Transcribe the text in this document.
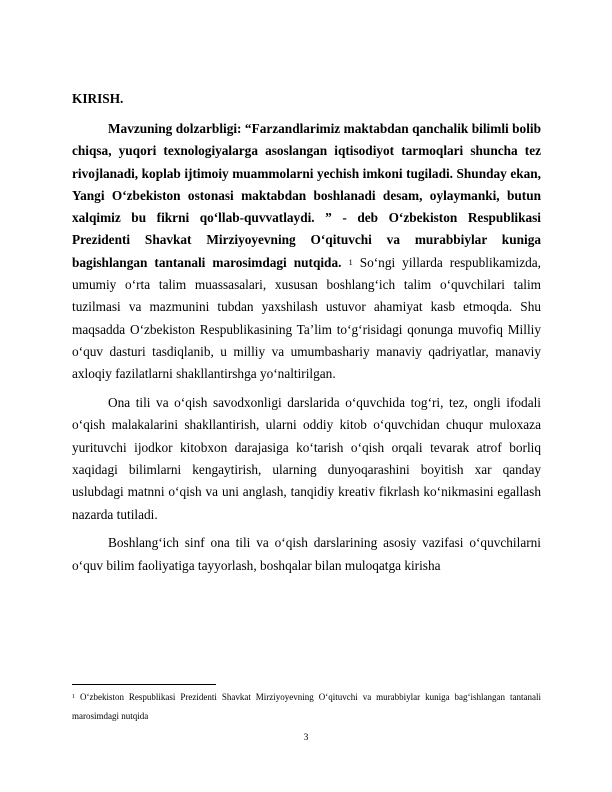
KIRISH.

Mavzuning dolzarbligi: “Farzandlarimiz maktabdan qanchalik bilimli bolib chiqsa, yuqori texnologiyalarga asoslangan iqtisodiyot tarmoqlari shuncha tez rivojlanadi, koplab ijtimoiy muammolarni yechish imkoni tugiladi. Shunday ekan, Yangi O‘zbekiston ostonasi maktabdan boshlanadi desam, oylaymanki, butun xalqimiz bu fikrni qo‘llab-quvvatlaydi. ” - deb O‘zbekiston Respublikasi Prezidenti Shavkat Mirziyoyevning O‘qituvchi va murabbiylar kuniga bagishlangan tantanali marosimdagi nutqida. $^1$ So‘ngi yillarda respublikamizda, umumiy o‘rta talim muassasalari, xususan boshlang‘ich talim o‘quvchilari talim tuzilmasi va mazmunini tubdan yaxshilash ustuvor ahamiyat kasb etmoqda. Shu maqsadda O‘zbekiston Respublikasining Ta’lim to‘g‘risidagi qonunga muvofiq Milliy o‘quv dasturi tasdiqlanib, u milliy va umumbashariy manaviy qadriyatlar, manaviy axloqiy fazilatlarni shakllantirshga yo‘naltirilgan.

Ona tili va o‘qish savodxonligi darslarida o‘quvchida tog‘ri, tez, ongli ifodali o‘qish malakalarini shakllantirish, ularni oddiy kitob o‘quvchidan chuqur muloxaza yurituvchi ijodkor kitobxon darajasiga ko‘tarish o‘qish orqali tevarak atrof borliq xaqidagi bilimlarni kengaytirish, ularning dunyoqarashini boyitish xar qanday uslubdagi matnni o‘qish va uni anglash, tanqidiy kreativ fikrlash ko‘nikmasini egallash nazarda tutiladi.

Boshlang‘ich sinf ona tili va o‘qish darslarining asosiy vazifasi o‘quvchilarni o‘quv bilim faoliyatiga tayyorlash, boshqalar bilan muloqatga kirisha

$^1$ O‘zbekiston Respublikasi Prezidenti Shavkat Mirziyoyevning O‘qituvchi va murabbiylar kuniga bag‘ishlangan tantanali marosimdagi nutqida
3
